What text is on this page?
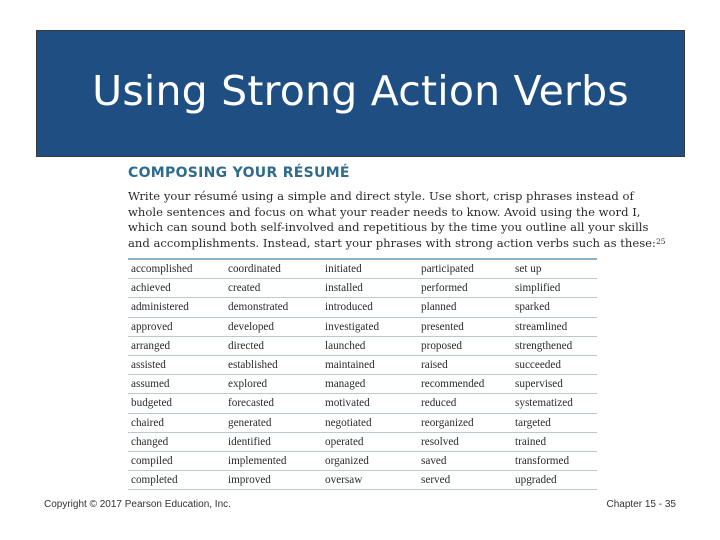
Using Strong Action Verbs
COMPOSING YOUR RÉSUMÉ
Write your résumé using a simple and direct style. Use short, crisp phrases instead of
whole sentences and focus on what your reader needs to know. Avoid using the word I,
which can sound both self-involved and repetitious by the time you outline all your skills
and accomplishments. Instead, start your phrases with strong action verbs such as these:$^{25}$
accomplished	coordinated	initiated	participated	set up
achieved	created	installed	performed	simplified
administered	demonstrated	introduced	planned	sparked
approved	developed	investigated	presented	streamlined
arranged	directed	launched	proposed	strengthened
assisted	established	maintained	raised	succeeded
assumed	explored	managed	recommended	supervised
budgeted	forecasted	motivated	reduced	systematized
chaired	generated	negotiated	reorganized	targeted
changed	identified	operated	resolved	trained
compiled	implemented	organized	saved	transformed
completed	improved	oversaw	served	upgraded
Copyright © 2017 Pearson Education, Inc.	Chapter 15 - 35
